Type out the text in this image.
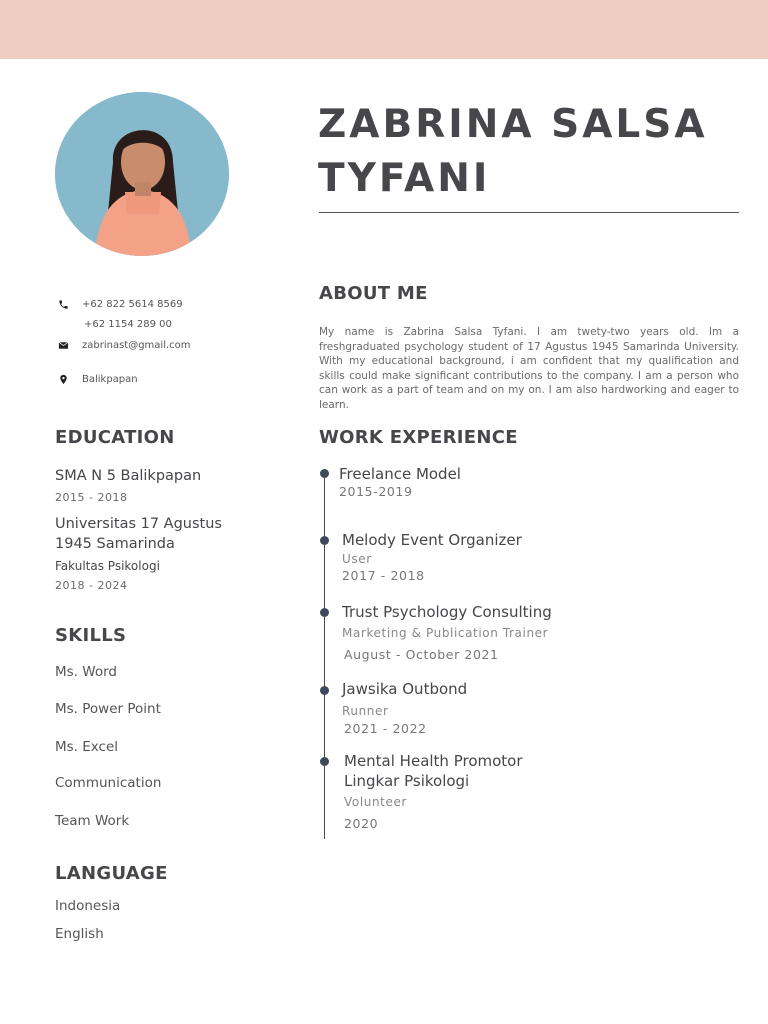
ZABRINA SALSA
TYFANI
+62 822 5614 8569
+62 1154 289 00
zabrinast@gmail.com
Balikpapan
ABOUT ME
My name is Zabrina Salsa Tyfani. I am twety-two years old. Im a freshgraduated psychology student of 17 Agustus 1945 Samarinda University. With my educational background, i am confident that my qualification and skills could make significant contributions to the company. I am a person who can work as a part of team and on my on. I am also hardworking and eager to learn.
EDUCATION
SMA N 5 Balikpapan
2015 - 2018
Universitas 17 Agustus
1945 Samarinda
Fakultas Psikologi
2018 - 2024
SKILLS
Ms. Word
Ms. Power Point
Ms. Excel
Communication
Team Work
LANGUAGE
Indonesia
English
WORK EXPERIENCE
Freelance Model
2015-2019
Melody Event Organizer
User
2017 - 2018
Trust Psychology Consulting
Marketing & Publication Trainer
August - October 2021
Jawsika Outbond
Runner
2021 - 2022
Mental Health Promotor
Lingkar Psikologi
Volunteer
2020
